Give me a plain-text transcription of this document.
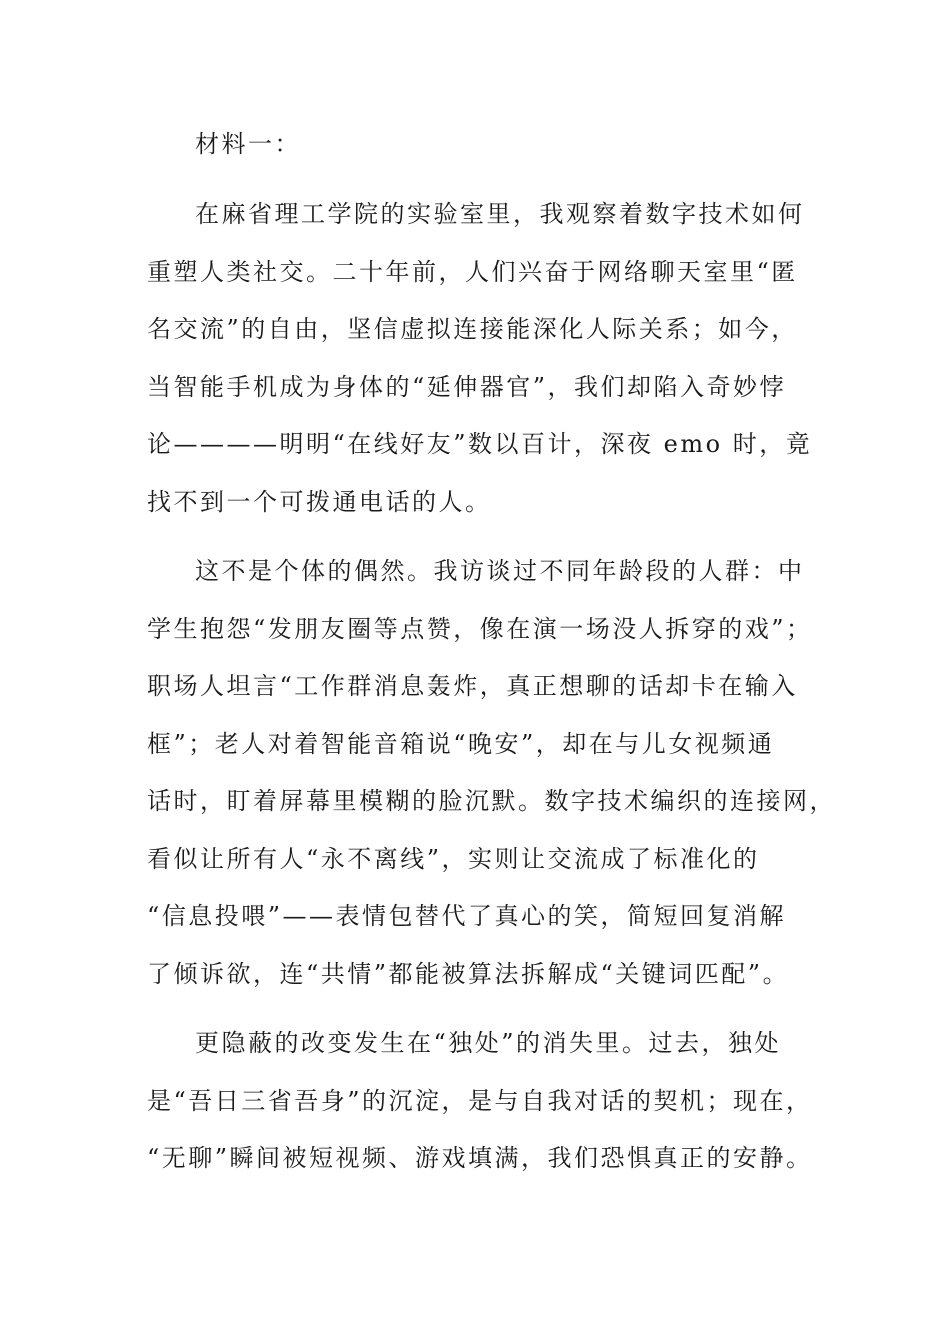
材料一：
在麻省理工学院的实验室里，我观察着数字技术如何
重塑人类社交。二十年前，人们兴奋于网络聊天室里“匿
名交流”的自由，坚信虚拟连接能深化人际关系；如今，
当智能手机成为身体的“延伸器官”，我们却陷入奇妙悖
论————明明“在线好友”数以百计，深夜 emo 时，竟
找不到一个可拨通电话的人。
这不是个体的偶然。我访谈过不同年龄段的人群：中
学生抱怨“发朋友圈等点赞，像在演一场没人拆穿的戏”；
职场人坦言“工作群消息轰炸，真正想聊的话却卡在输入
框”；老人对着智能音箱说“晚安”，却在与儿女视频通
话时，盯着屏幕里模糊的脸沉默。数字技术编织的连接网，
看似让所有人“永不离线”，实则让交流成了标准化的
“信息投喂”——表情包替代了真心的笑，简短回复消解
了倾诉欲，连“共情”都能被算法拆解成“关键词匹配”。
更隐蔽的改变发生在“独处”的消失里。过去，独处
是“吾日三省吾身”的沉淀，是与自我对话的契机；现在，
“无聊”瞬间被短视频、游戏填满，我们恐惧真正的安静。
